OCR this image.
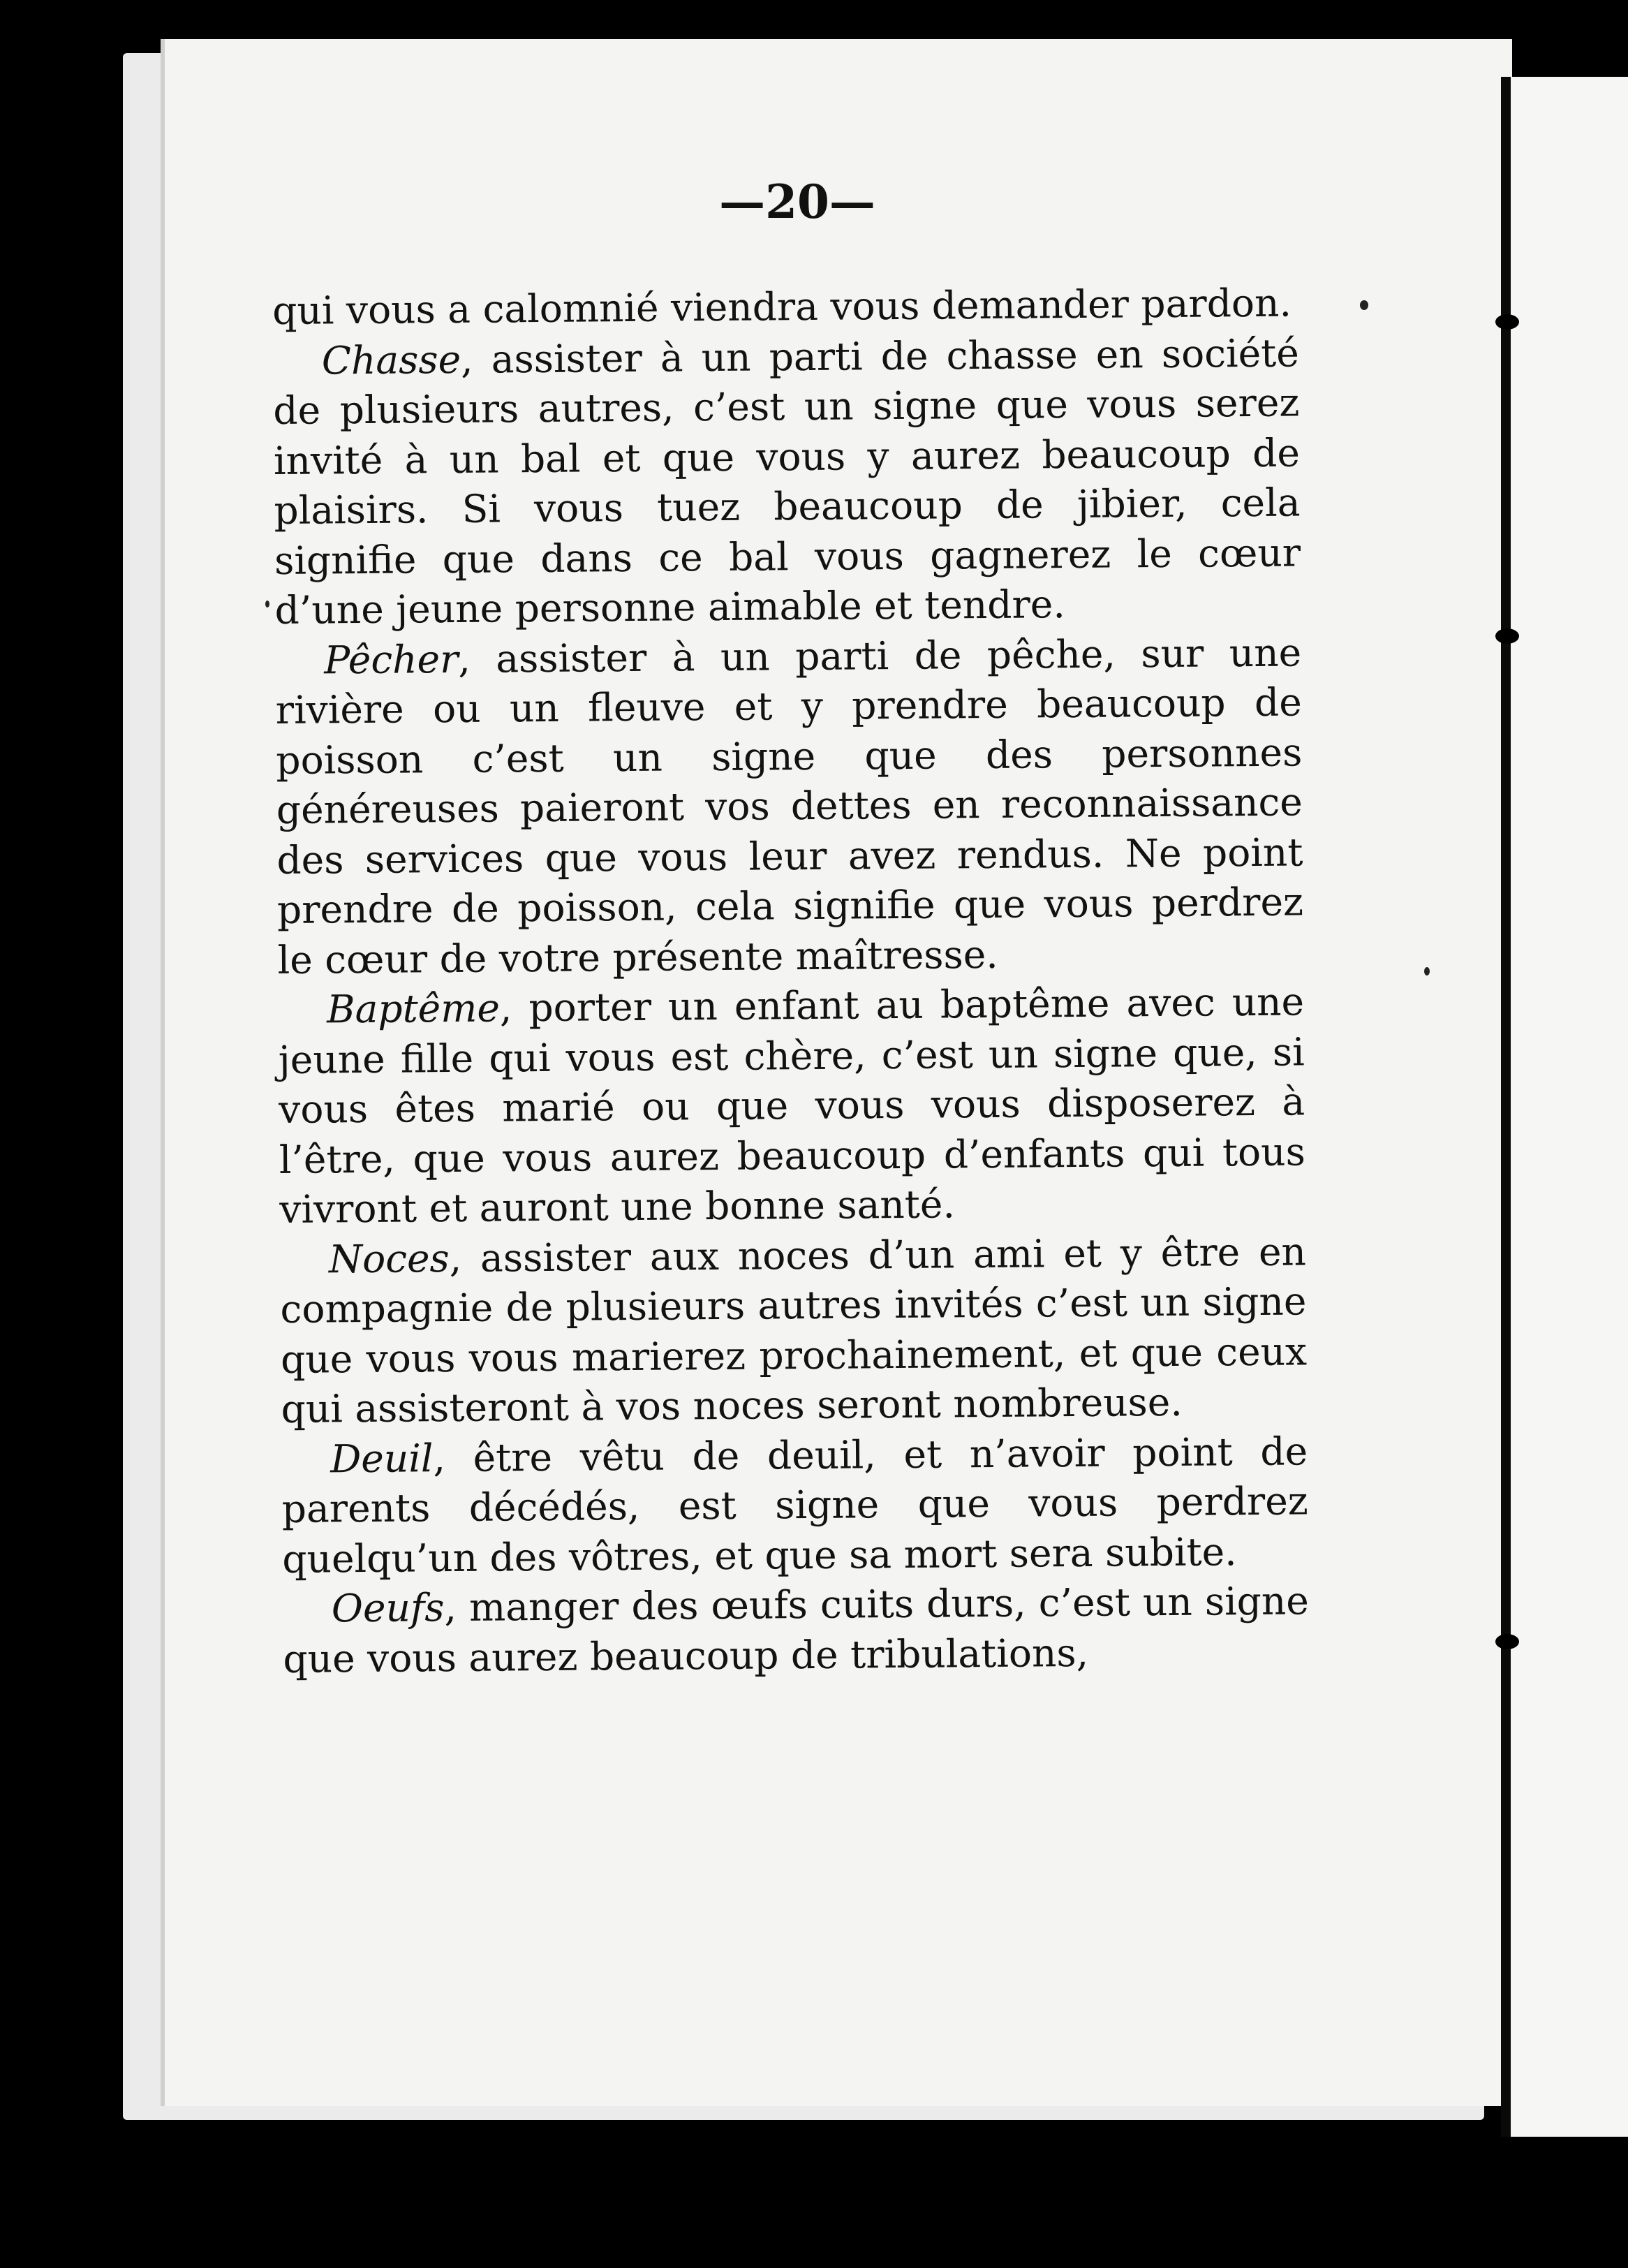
—20—

qui vous a calomnié viendra vous demander pardon.

Chasse, assister à un parti de chasse en société de plusieurs autres, c’est un signe que vous serez invité à un bal et que vous y aurez beaucoup de plaisirs. Si vous tuez beaucoup de jibier, cela signifie que dans ce bal vous gagnerez le cœur d’une jeune personne aimable et tendre.

Pêcher, assister à un parti de pêche, sur une rivière ou un fleuve et y prendre beaucoup de poisson c’est un signe que des personnes généreuses paieront vos dettes en reconnaissance des services que vous leur avez rendus. Ne point prendre de poisson, cela signifie que vous perdrez le cœur de votre présente maîtresse.

Baptême, porter un enfant au baptême avec une jeune fille qui vous est chère, c’est un signe que, si vous êtes marié ou que vous vous disposerez à l’être, que vous aurez beaucoup d’enfants qui tous vivront et auront une bonne santé.

Noces, assister aux noces d’un ami et y être en compagnie de plusieurs autres invités c’est un signe que vous vous marierez prochainement, et que ceux qui assisteront à vos noces seront nombreuse.

Deuil, être vêtu de deuil, et n’avoir point de parents décédés, est signe que vous perdrez quelqu’un des vôtres, et que sa mort sera subite.

Oeufs, manger des œufs cuits durs, c’est un signe que vous aurez beaucoup de tribulations,
